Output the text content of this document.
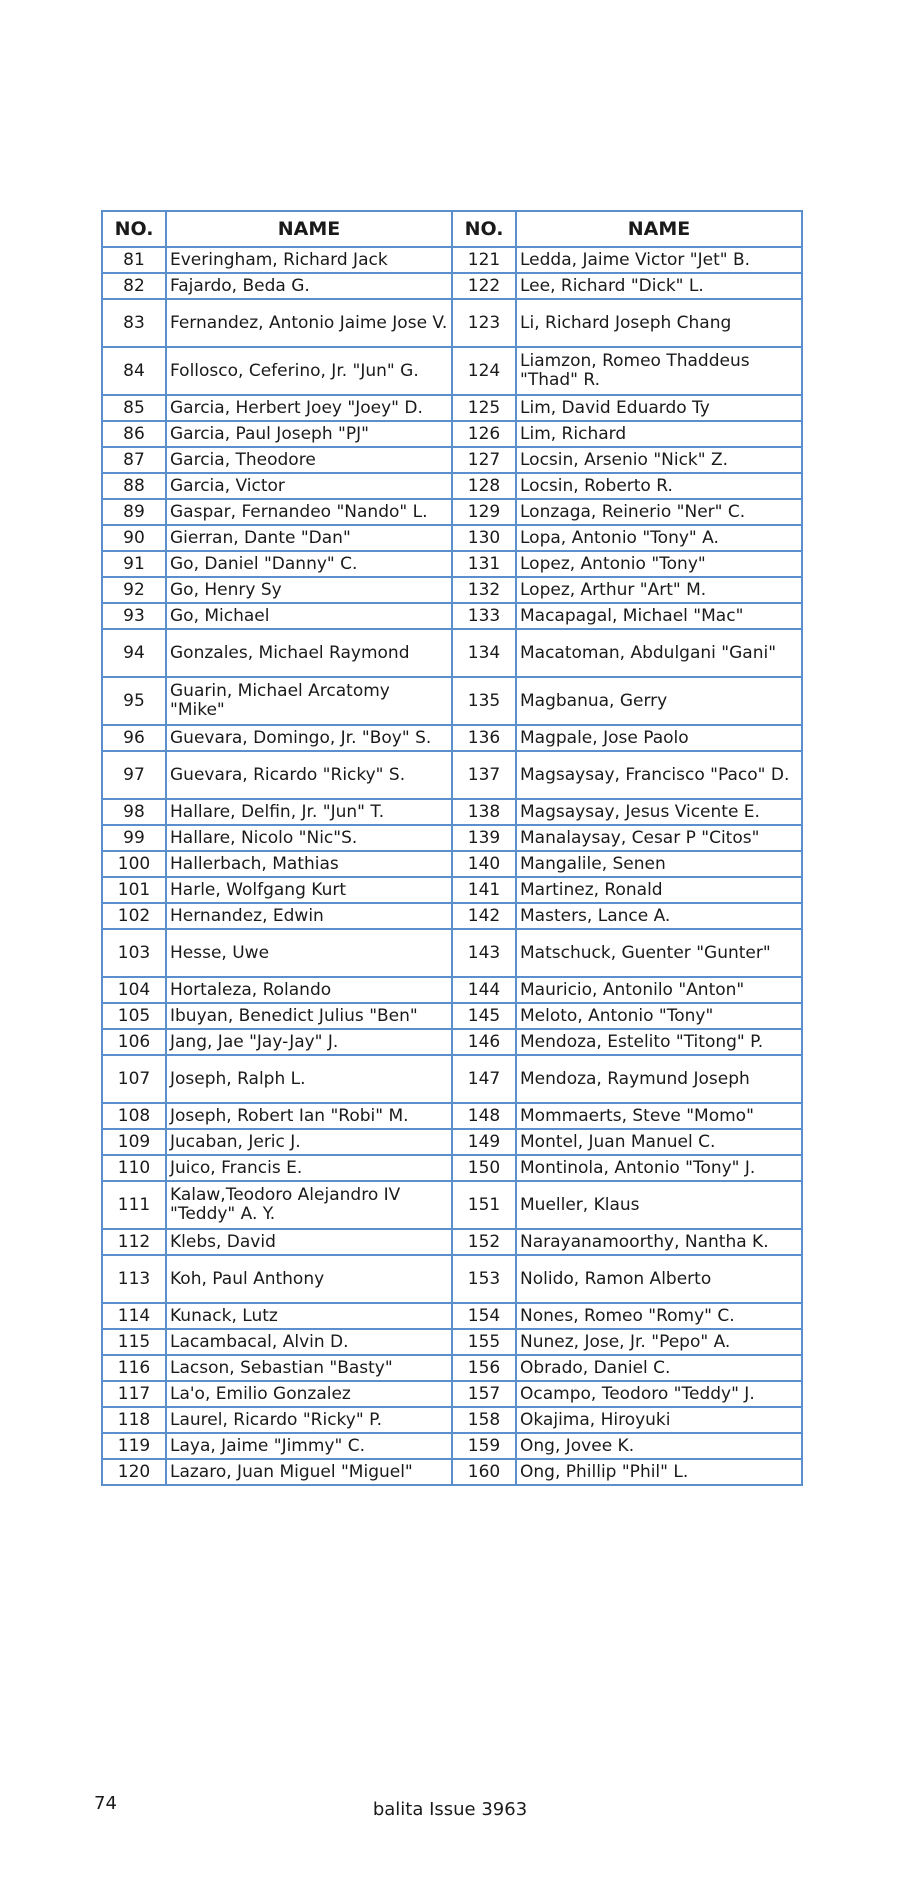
NO.	NAME	NO.	NAME
81	Everingham, Richard Jack	121	Ledda, Jaime Victor "Jet" B.
82	Fajardo, Beda G.	122	Lee, Richard "Dick" L.
83	Fernandez, Antonio Jaime Jose V.	123	Li, Richard Joseph Chang
84	Follosco, Ceferino, Jr. "Jun" G.	124	Liamzon, Romeo Thaddeus "Thad" R.
85	Garcia, Herbert Joey "Joey" D.	125	Lim, David Eduardo Ty
86	Garcia, Paul Joseph "PJ"	126	Lim, Richard
87	Garcia, Theodore	127	Locsin, Arsenio "Nick" Z.
88	Garcia, Victor	128	Locsin, Roberto R.
89	Gaspar, Fernandeo "Nando" L.	129	Lonzaga, Reinerio "Ner" C.
90	Gierran, Dante "Dan"	130	Lopa, Antonio "Tony" A.
91	Go, Daniel "Danny" C.	131	Lopez, Antonio "Tony"
92	Go, Henry Sy	132	Lopez, Arthur "Art" M.
93	Go, Michael	133	Macapagal, Michael "Mac"
94	Gonzales, Michael Raymond	134	Macatoman, Abdulgani "Gani"
95	Guarin, Michael Arcatomy "Mike"	135	Magbanua, Gerry
96	Guevara, Domingo, Jr. "Boy" S.	136	Magpale, Jose Paolo
97	Guevara, Ricardo "Ricky" S.	137	Magsaysay, Francisco "Paco" D.
98	Hallare, Delfin, Jr. "Jun" T.	138	Magsaysay, Jesus Vicente E.
99	Hallare, Nicolo "Nic"S.	139	Manalaysay, Cesar P "Citos"
100	Hallerbach, Mathias	140	Mangalile, Senen
101	Harle, Wolfgang Kurt	141	Martinez, Ronald
102	Hernandez, Edwin	142	Masters, Lance A.
103	Hesse, Uwe	143	Matschuck, Guenter "Gunter"
104	Hortaleza, Rolando	144	Mauricio, Antonilo "Anton"
105	Ibuyan, Benedict Julius "Ben"	145	Meloto, Antonio "Tony"
106	Jang, Jae "Jay-Jay" J.	146	Mendoza, Estelito "Titong" P.
107	Joseph, Ralph L.	147	Mendoza, Raymund Joseph
108	Joseph, Robert Ian "Robi" M.	148	Mommaerts, Steve "Momo"
109	Jucaban, Jeric J.	149	Montel, Juan Manuel C.
110	Juico, Francis E.	150	Montinola, Antonio "Tony" J.
111	Kalaw,Teodoro Alejandro IV "Teddy" A. Y.	151	Mueller, Klaus
112	Klebs, David	152	Narayanamoorthy, Nantha K.
113	Koh, Paul Anthony	153	Nolido, Ramon Alberto
114	Kunack, Lutz	154	Nones, Romeo "Romy" C.
115	Lacambacal, Alvin D.	155	Nunez, Jose, Jr. "Pepo" A.
116	Lacson, Sebastian "Basty"	156	Obrado, Daniel C.
117	La'o, Emilio Gonzalez	157	Ocampo, Teodoro "Teddy" J.
118	Laurel, Ricardo "Ricky" P.	158	Okajima, Hiroyuki
119	Laya, Jaime "Jimmy" C.	159	Ong, Jovee K.
120	Lazaro, Juan Miguel "Miguel"	160	Ong, Phillip "Phil" L.
74	balita Issue 3963
